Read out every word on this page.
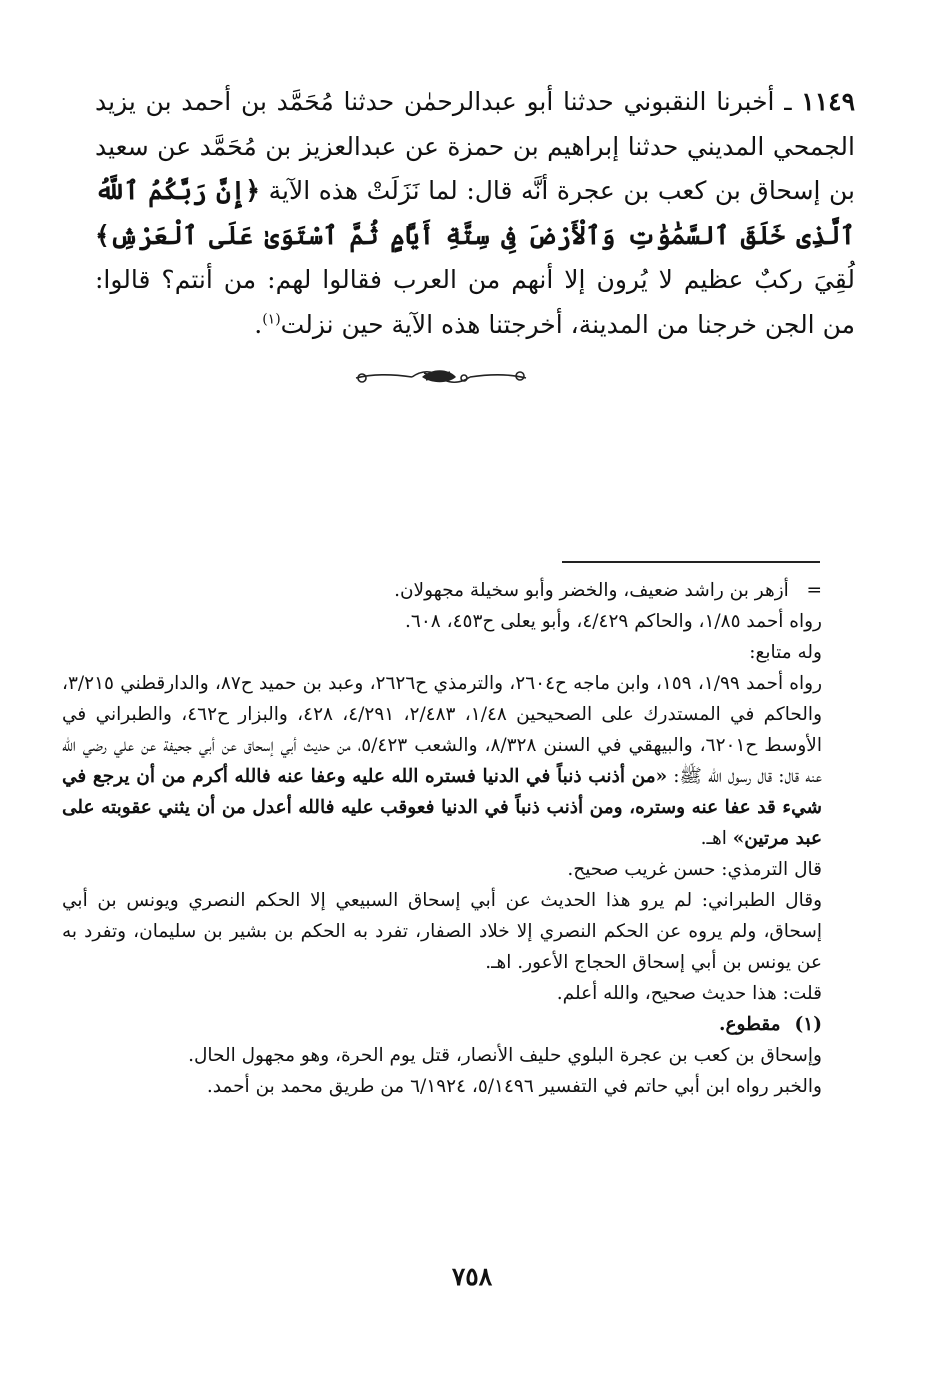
١١٤٩ ـ أخبرنا النقبوني حدثنا أبو عبدالرحمٰن حدثنا مُحَمَّد بن أحمد بن يزيد الجمحي المديني حدثنا إبراهيم بن حمزة عن عبدالعزيز بن مُحَمَّد عن سعيد بن إسحاق بن كعب بن عجرة أنَّه قال: لما نَزَلَتْ هذه الآية ﴿إِنَّ رَبَّكُمُ ٱللَّهُ ٱلَّذِى خَلَقَ ٱلسَّمَٰوَٰتِ وَٱلْأَرْضَ فِى سِتَّةِ أَيَّامٍ ثُمَّ ٱسْتَوَىٰ عَلَى ٱلْعَرْشِ﴾ لُقِيَ ركبٌ عظيم لا يُرون إلا أنهم من العرب فقالوا لهم: من أنتم؟ قالوا: من الجن خرجنا من المدينة، أخرجتنا هذه الآية حين نزلت$^{(١)}$.

=   أزهر بن راشد ضعيف، والخضر وأبو سخيلة مجهولان.

رواه أحمد ١/٨٥، والحاكم ٤/٤٢٩، وأبو يعلى ح٤٥٣، ٦٠٨.

وله متابع:

رواه أحمد ١/٩٩، ١٥٩، وابن ماجه ح٢٦٠٤، والترمذي ح٢٦٢٦، وعبد بن حميد ح٨٧، والدارقطني ٣/٢١٥، والحاكم في المستدرك على الصحيحين ١/٤٨، ٢/٤٨٣، ٤/٢٩١، ٤٢٨، والبزار ح٤٦٢، والطبراني في الأوسط ح٦٢٠١، والبيهقي في السنن ٨/٣٢٨، والشعب ٥/٤٢٣، من حديث أبي إسحاق عن أبي جحيفة عن علي رضي الله عنه قال: قال رسول الله ﷺ: «من أذنب ذنباً في الدنيا فستره الله عليه وعفا عنه فالله أكرم من أن يرجع في شيء قد عفا عنه وستره، ومن أذنب ذنباً في الدنيا فعوقب عليه فالله أعدل من أن يثني عقوبته على عبد مرتين» اهـ.

قال الترمذي: حسن غريب صحيح.

وقال الطبراني: لم يرو هذا الحديث عن أبي إسحاق السبيعي إلا الحكم النصري ويونس بن أبي إسحاق، ولم يروه عن الحكم النصري إلا خلاد الصفار، تفرد به الحكم بن بشير بن سليمان، وتفرد به عن يونس بن أبي إسحاق الحجاج الأعور. اهـ.

قلت: هذا حديث صحيح، والله أعلم.

(١)
مقطوع.

وإسحاق بن كعب بن عجرة البلوي حليف الأنصار، قتل يوم الحرة، وهو مجهول الحال.

والخبر رواه ابن أبي حاتم في التفسير ٥/١٤٩٦، ٦/١٩٢٤ من طريق محمد بن أحمد.

٧٥٨
